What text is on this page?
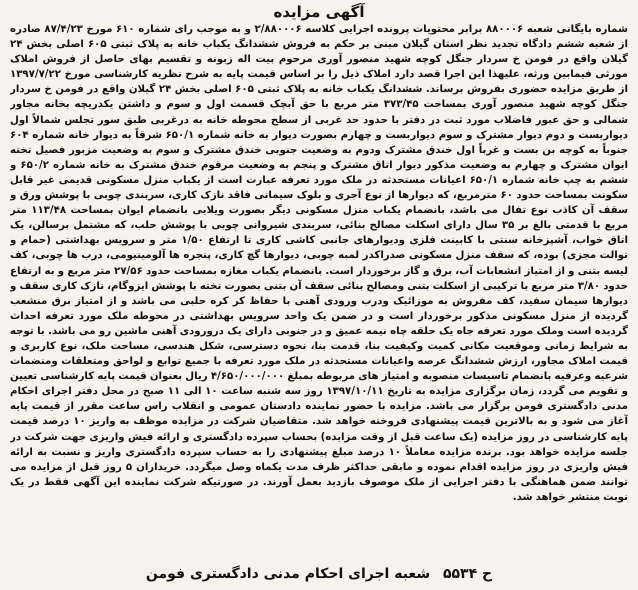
آگهی مزایده
شماره بایگانی شعبه ۸۸۰۰۰۶ برابر محتویات پرونده اجرایی کلاسه ۲/۸۸۰۰۰۶ و به موجب رای شماره ۶۱۰ مورخ ۸۷/۴/۲۳ صادره از شعبه ششم دادگاه تجدید نظر استان گیلان مبنی بر حکم به فروش ششدانگ یکباب خانه به پلاک ثبتی ۶۰۵ اصلی بخش ۲۴ گیلان واقع در فومن خ سردار جنگل کوچه شهید منصور آوری مرحوم بیت اله زبونه و تقسیم بهای حاصل از فروش املاک مورثی فیمابین ورثه، علیهذا این اجرا قصد دارد املاک ذیل را بر اساس قیمت پایه به شرح نظریه کارشناسی مورخ ۱۳۹۷/۷/۲۲ از طریق مزایده حضوری بفروش برساند. ششدانگ یکباب خانه به پلاک ثبتی ۶۰۵ اصلی بخش ۲۴ گیلان واقع در فومن خ سردار جنگل کوچه شهید منصور آوری بمساحت ۳۷۳/۴۵ متر مربع با حق آبچک قسمت اول و سوم و داشتن یکدریچه بخانه مجاور شمالی و حق عبور فاضلاب مورد ثبت در دفتر با حدود حد غربی از سطح محوطه خانه به درغربی طبق سور تجلس شمالاً اول دیواربست و دوم دیوار مشترک و سوم دیواربست و چهارم بصورت دیوار به خانه شماره ۶۵۰/۱ شرقاً به دیوار خانه شماره ۶۰۴ جنوباً به کوچه بن بست و غرباً اول خندق مشترک ودوم به وضعیت جنوبی خندق مشترک و سوم به وضعیت مزبور فصیل تخته ایوان مشترک و چهارم به وضعیت مذکور دیوار اتاق مشترک و پنجم به وضعیت مرقوم خندق مشترک به خانه شماره ۶۵۰/۲ و ششم به چپ خانه شماره ۶۵۰/۱ اعیانات مستحدثه در ملک مورد تعرفه عبارت است از یکباب منزل مسکونی قدیمی غیر قابل سکونت بمساحت حدود ۶۰ مترمربع، که دیوارها از نوع آجری و بلوک سیمانی فاقد نازک کاری، سربندی چوبی با پوشش ورق و سقف آن کاذب نوع تفال می باشد، بانضمام یکباب منزل مسکونی دیگر بصورت ویلایی بانضمام ایوان بمساحت ۱۱۳/۴۸ متر مربع با قدمتی بالغ بر ۳۵ سال دارای اسکلت مصالح بنائی، سربندی شیروانی چوبی با پوشش حلب، که مشتمل برسالن، یک اتاق خواب، آشپزخانه سنتی با کابینت فلزی ودیوارهای جانبی کاشی کاری تا ارتفاع ۱/۵۰ متر و سرویس بهداشتی (حمام و توالت مجزی) بوده، که سقف منزل مسکونی صدراکدر لمبه چوبی، دیوارها گچ کاری، پنجره ها آلومینیومی، درب ها چوبی، کف لیسه بتنی و از امتیاز انشعابات آب، برق و گاز برخوردار است. بانضمام یکباب مغازه بمساحت حدود ۲۷/۵۶ متر مربع و به ارتفاع حدود ۳/۸۰ متر مربع با ترکیبی از اسکلت بتنی ومصالح بنائی سقف آن بتنی بصورت تخته با پوشش ایزوگام، نازک کاری سقف و دیوارها سیمان سفید، کف مفروش به موزائیک ودرب ورودی آهنی با حفاظ کر کره حلبی می باشد و از امتیاز برق منشعب گردیده از منزل مسکونی مذکور برخوردار است و در ضمن یک واحد سرویس بهداشتی در محوطه ملک مورد تعرفه احداث گردیده است وملک مورد تعرفه جاه یک حلقه چاه نیمه عمیق و در جنوبی دارای یک درورودی آهنی ماشین رو می باشد. با توجه به شرایط زمانی وموقعیت مکانی کمیت وکیفیت بنا، قدمت بنا، نحوه دسترسی، شکل هندسی، مساحت ملک، نوع کاربری و قیمت املاک مجاور، ارزش ششدانگ عرصه واعیانات مستحدثه در ملک مورد تعرفه با جمیع توابع و لواحق ومتعلقات ومنضمات شرعیه وعرفیه بانضمام تاسیسات منصوبه و امتیاز های مربوطه بمبلغ ۴/۶۵۰/۰۰۰/۰۰۰ ریال بعنوان قیمت پایه کارشناسی تعیین و تقویم می گردد، زمان برگزاری مزایده به تاریخ ۱۳۹۷/۱۰/۱۱ روز سه شنبه ساعت ۱۰ الی ۱۱ صبح در محل دفتر اجرای احکام مدنی دادگستری فومن برگزار می باشد. مزایده با حضور نماینده دادستان عمومی و انقلاب راس ساعت مقرر از قیمت پایه آغاز می شود و به بالاترین قیمت پیشنهادی فروخته خواهد شد. متقاضیان شرکت در مزایده موظف به واریز ۱۰ درصد قیمت پایه کارشناسی در روز مزایده (یک ساعت قبل از وقت مزایده) بحساب سپرده دادگستری و ارائه فیش واریزی جهت شرکت در جلسه مزایده خواهد بود. برنده مزایده معاملاً ۱۰ درصد مبلغ پیشنهادی را به حساب سپرده دادگستری واریز و نسبت به ارائه فیش واریزی در روز مزایده اقدام نموده و مابقی حداکثر ظرف مدت یکماه وصل میگردد. خریداران ۵ روز قبل از مزایده می توانند ضمن هماهنگی با دفتر اجرایی از ملک موصوف بازدید بعمل آورند. در صورتیکه شرکت نماینده این آگهی فقط در یک نوبت منتشر خواهد شد.
ح ۵۵۳۴ شعبه اجرای احکام مدنی دادگستری فومن
